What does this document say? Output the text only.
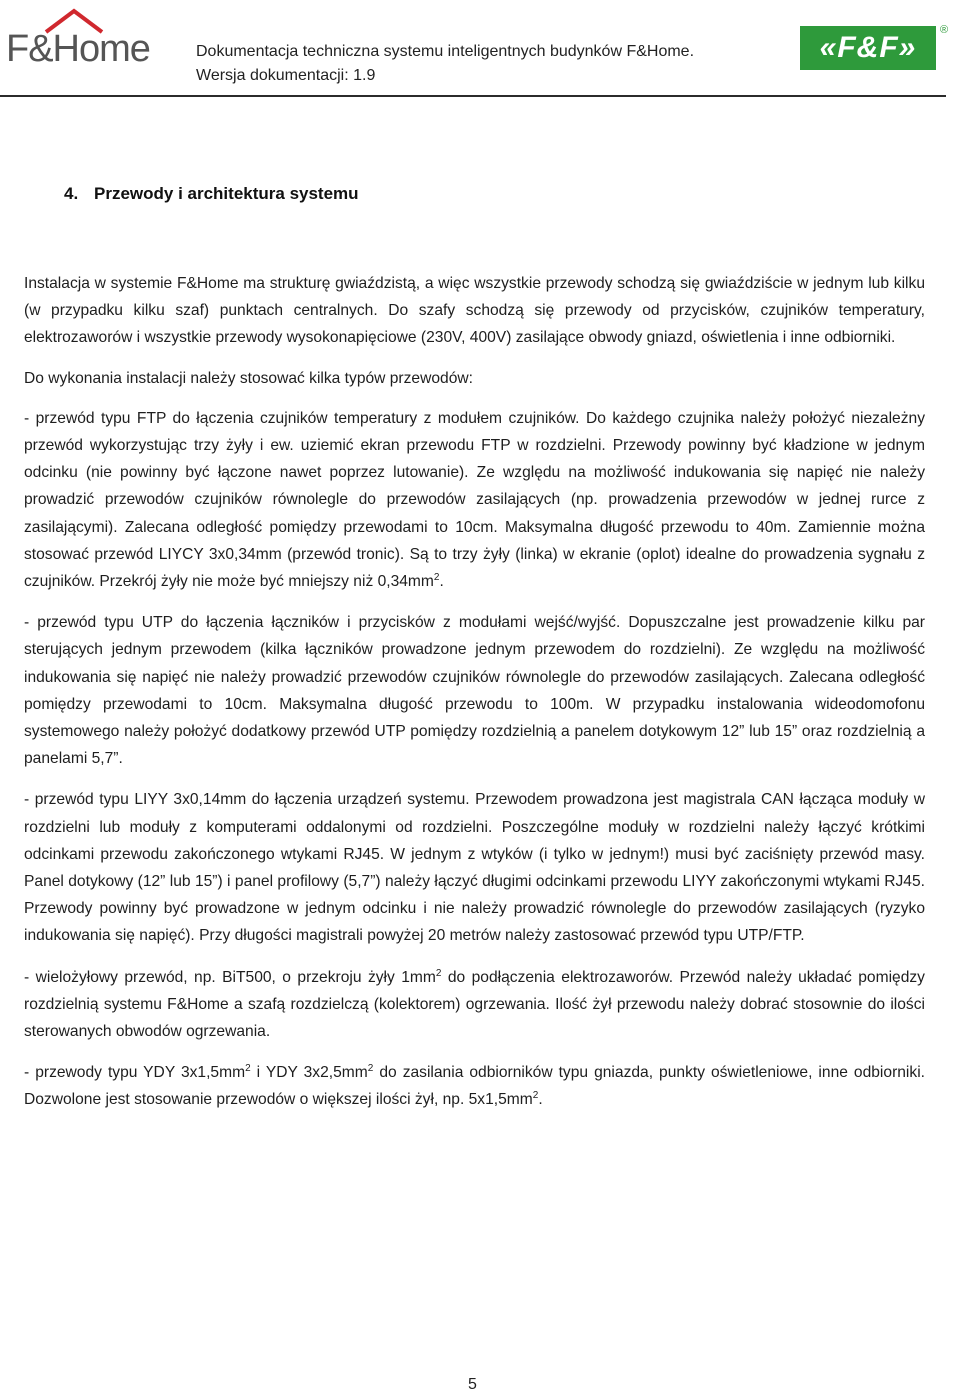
F&Home	Dokumentacja techniczna systemu inteligentnych budynków F&Home.
Wersja dokumentacji: 1.9
«F&F»
®
4. Przewody i architektura systemu

Instalacja w systemie F&Home ma strukturę gwiaździstą, a więc wszystkie przewody schodzą się gwiaździście w jednym lub kilku (w przypadku kilku szaf) punktach centralnych. Do szafy schodzą się przewody od przycisków, czujników temperatury, elektrozaworów i wszystkie przewody wysokonapięciowe (230V, 400V) zasilające obwody gniazd, oświetlenia i inne odbiorniki.

Do wykonania instalacji należy stosować kilka typów przewodów:

- przewód typu FTP do łączenia czujników temperatury z modułem czujników. Do każdego czujnika należy położyć niezależny przewód wykorzystując trzy żyły i ew. uziemić ekran przewodu FTP w rozdzielni. Przewody powinny być kładzione w jednym odcinku (nie powinny być łączone nawet poprzez lutowanie). Ze względu na możliwość indukowania się napięć nie należy prowadzić przewodów czujników równolegle do przewodów zasilających (np. prowadzenia przewodów w jednej rurce z zasilającymi). Zalecana odległość pomiędzy przewodami to 10cm. Maksymalna długość przewodu to 40m. Zamiennie można stosować przewód LIYCY 3x0,34mm (przewód tronic). Są to trzy żyły (linka) w ekranie (oplot) idealne do prowadzenia sygnału z czujników. Przekrój żyły nie może być mniejszy niż $0,34mm^2$.

- przewód typu UTP do łączenia łączników i przycisków z modułami wejść/wyjść. Dopuszczalne jest prowadzenie kilku par sterujących jednym przewodem (kilka łączników prowadzone jednym przewodem do rozdzielni). Ze względu na możliwość indukowania się napięć nie należy prowadzić przewodów czujników równolegle do przewodów zasilających. Zalecana odległość pomiędzy przewodami to 10cm. Maksymalna długość przewodu to 100m. W przypadku instalowania wideodomofonu systemowego należy położyć dodatkowy przewód UTP pomiędzy rozdzielnią a panelem dotykowym 12” lub 15” oraz rozdzielnią a panelami 5,7”.

- przewód typu LIYY 3x0,14mm do łączenia urządzeń systemu. Przewodem prowadzona jest magistrala CAN łącząca moduły w rozdzielni lub moduły z komputerami oddalonymi od rozdzielni. Poszczególne moduły w rozdzielni należy łączyć krótkimi odcinkami przewodu zakończonego wtykami RJ45. W jednym z wtyków (i tylko w jednym!) musi być zaciśnięty przewód masy. Panel dotykowy (12” lub 15”) i panel profilowy (5,7”) należy łączyć długimi odcinkami przewodu LIYY zakończonymi wtykami RJ45. Przewody powinny być prowadzone w jednym odcinku i nie należy prowadzić równolegle do przewodów zasilających (ryzyko indukowania się napięć). Przy długości magistrali powyżej 20 metrów należy zastosować przewód typu UTP/FTP.

- wielożyłowy przewód, np. BiT500, o przekroju żyły $1mm^2$ do podłączenia elektrozaworów. Przewód należy układać pomiędzy rozdzielnią systemu F&Home a szafą rozdzielczą (kolektorem) ogrzewania. Ilość żył przewodu należy dobrać stosownie do ilości sterowanych obwodów ogrzewania.

- przewody typu YDY $3x1,5mm^2$ i YDY $3x2,5mm^2$ do zasilania odbiorników typu gniazda, punkty oświetleniowe, inne odbiorniki. Dozwolone jest stosowanie przewodów o większej ilości żył, np. $5x1,5mm^2$.

5
